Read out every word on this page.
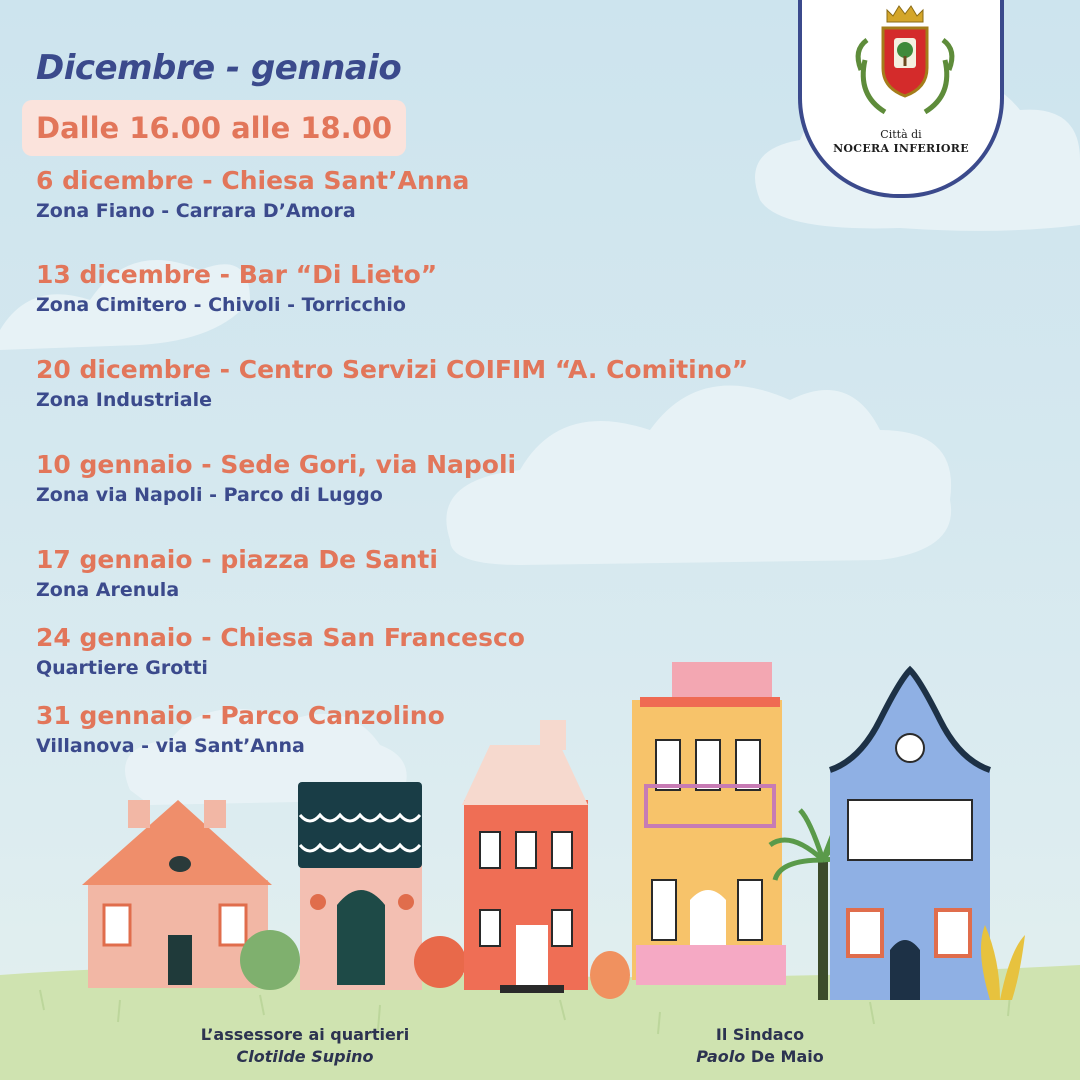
Dicembre - gennaio
Dalle 16.00 alle 18.00
6 dicembre - Chiesa Sant’Anna
Zona Fiano - Carrara D’Amora
13 dicembre - Bar “Di Lieto”
Zona Cimitero - Chivoli - Torricchio
20 dicembre - Centro Servizi COIFIM “A. Comitino”
Zona Industriale
10 gennaio - Sede Gori, via Napoli
Zona via Napoli - Parco di Luggo
17 gennaio - piazza De Santi
Zona Arenula
24 gennaio - Chiesa San Francesco
Quartiere Grotti
31 gennaio - Parco Canzolino
Villanova - via Sant’Anna
Città di
NOCERA INFERIORE
L’assessore ai quartieri
Clotilde Supino
Il Sindaco
Paolo De Maio
